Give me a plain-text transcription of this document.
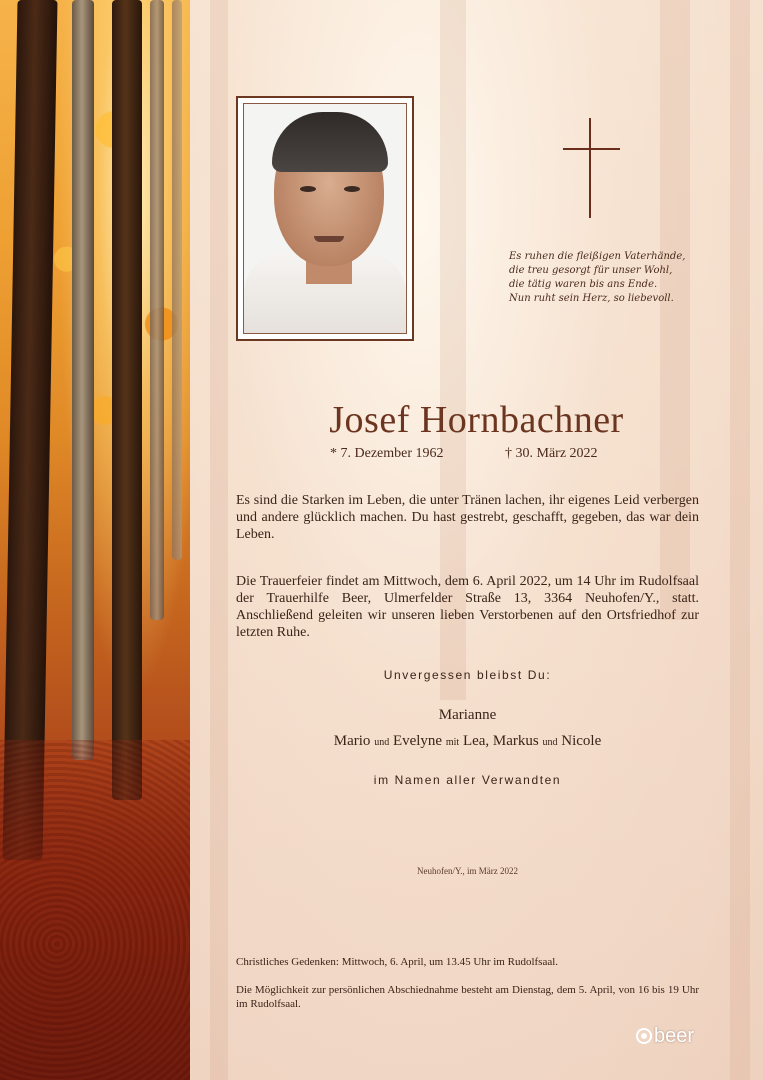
Es ruhen die fleißigen Vaterhände,
die treu gesorgt für unser Wohl,
die tätig waren bis ans Ende.
Nun ruht sein Herz, so liebevoll.
Josef Hornbachner
* 7. Dezember 1962	† 30. März 2022
Es sind die Starken im Leben, die unter Tränen lachen, ihr eigenes Leid verbergen und andere glücklich machen. Du hast gestrebt, geschafft, gegeben, das war dein Leben.
Die Trauerfeier findet am Mittwoch, dem 6. April 2022, um 14 Uhr im Rudolfsaal der Trauerhilfe Beer, Ulmerfelder Straße 13, 3364 Neuhofen/Y., statt. Anschließend geleiten wir unseren lieben Verstorbenen auf den Ortsfriedhof zur letzten Ruhe.
Unvergessen bleibst Du:
Marianne
Mario und Evelyne mit Lea, Markus und Nicole
im Namen aller Verwandten
Neuhofen/Y., im März 2022
Christliches Gedenken: Mittwoch, 6. April, um 13.45 Uhr im Rudolfsaal.
Die Möglichkeit zur persönlichen Abschiednahme besteht am Dienstag, dem 5. April, von 16 bis 19 Uhr im Rudolfsaal.
beer
